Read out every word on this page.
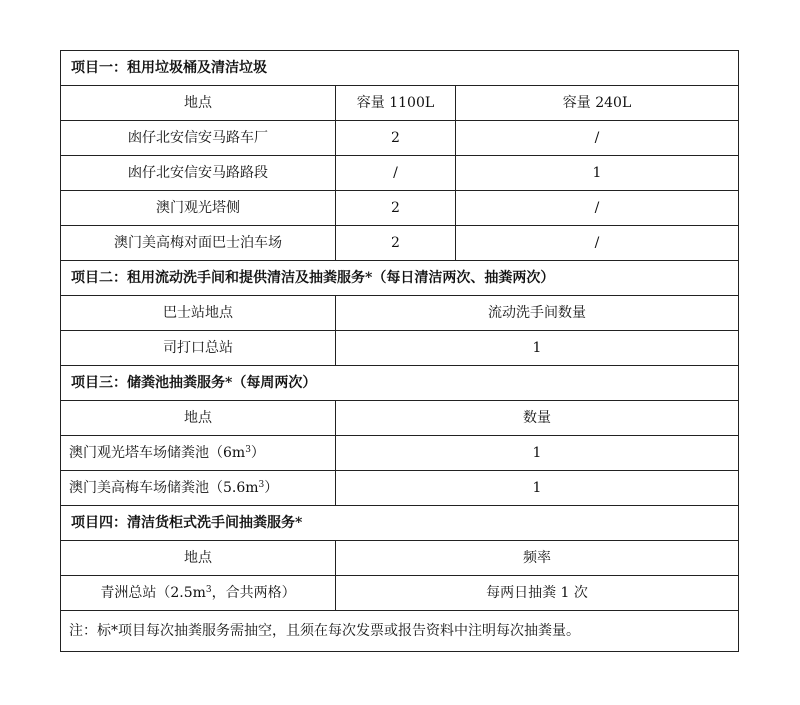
项目一：租用垃圾桶及清洁垃圾		
地点	容量 1100L	容量 240L
凼仔北安信安马路车厂	2	/
凼仔北安信安马路路段	/	1
澳门观光塔侧	2	/
澳门美高梅对面巴士泊车场	2	/
项目二：租用流动洗手间和提供清洁及抽粪服务*（每日清洁两次、抽粪两次）		
巴士站地点	流动洗手间数量	
司打口总站	1	
项目三：储粪池抽粪服务*（每周两次）		
地点	数量	
澳门观光塔车场储粪池$(6m^3)$	1	
澳门美高梅车场储粪池$(5.6m^3)$	1	
项目四：清洁货柜式洗手间抽粪服务*		
地点	频率	
青洲总站（$2.5m^3$，合共两格）	每两日抽粪 1 次	
注：标*项目每次抽粪服务需抽空，且须在每次发票或报告资料中注明每次抽粪量。		
